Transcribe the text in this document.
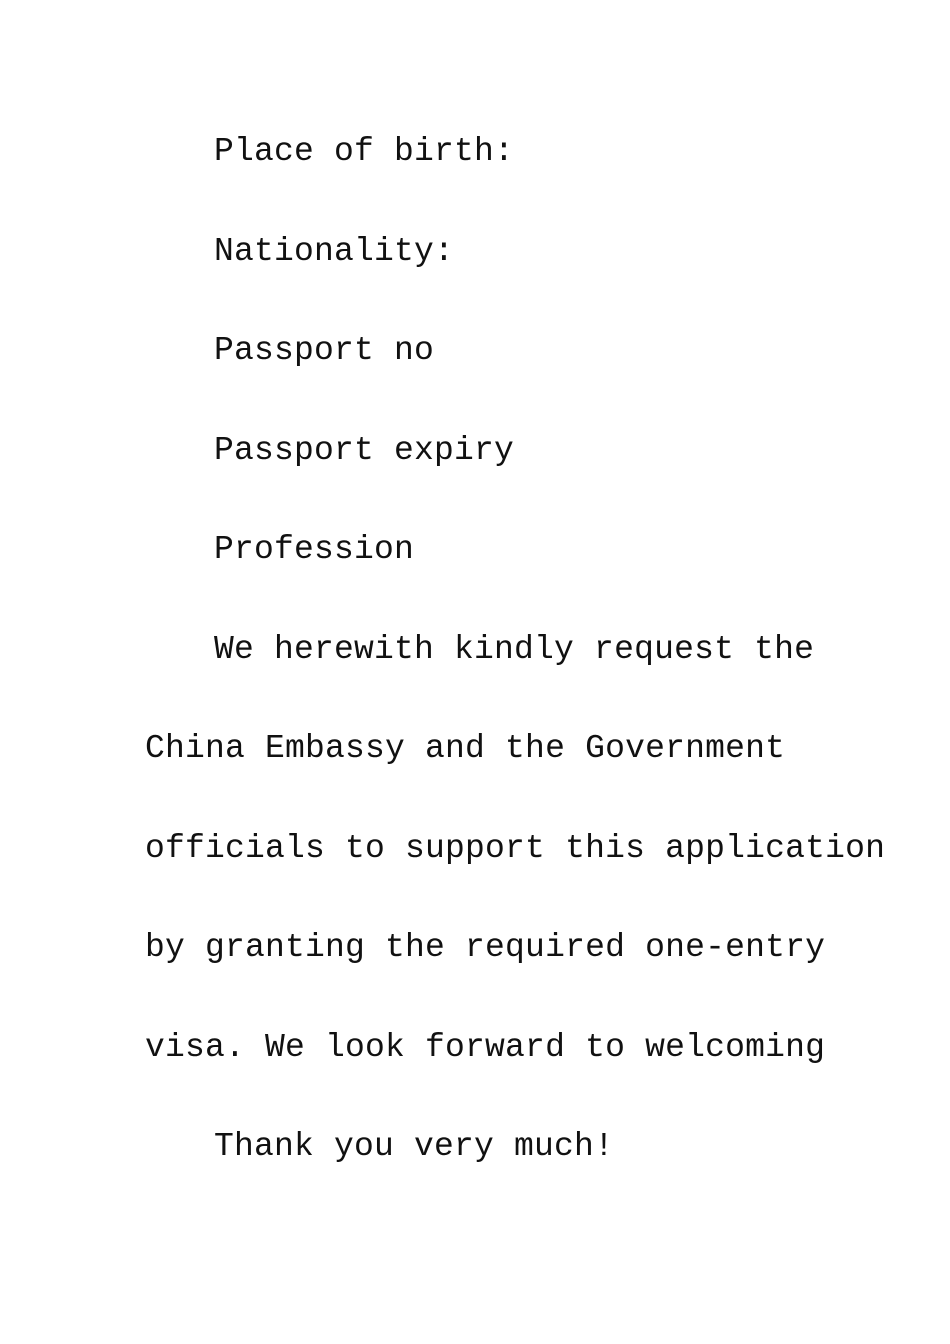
Place of birth:
Nationality:
Passport no
Passport expiry
Profession
We herewith kindly request the
China Embassy and the Government
officials to support this application
by granting the required one-entry
visa. We look forward to welcoming
Thank you very much!
